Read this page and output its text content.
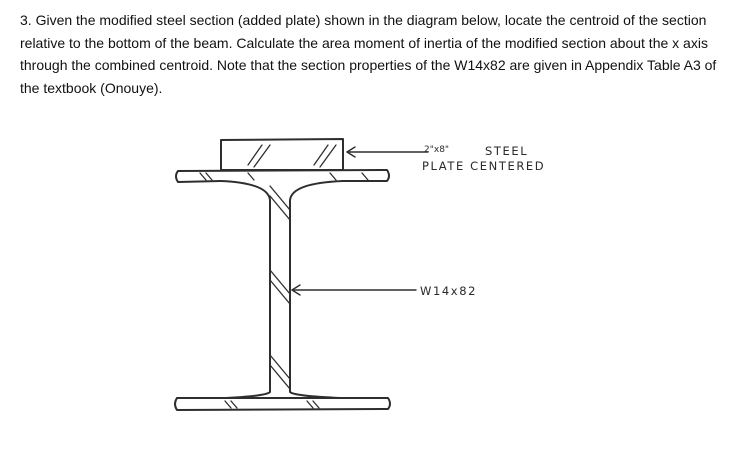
3. Given the modified steel section (added plate) shown in the diagram below, locate the centroid of the section relative to the bottom of the beam. Calculate the area moment of inertia of the modified section about the x axis through the combined centroid. Note that the section properties of the W14x82 are given in Appendix Table A3 of the textbook (Onouye).

2"x8"	STEEL
PLATE CENTERED
W14x82
